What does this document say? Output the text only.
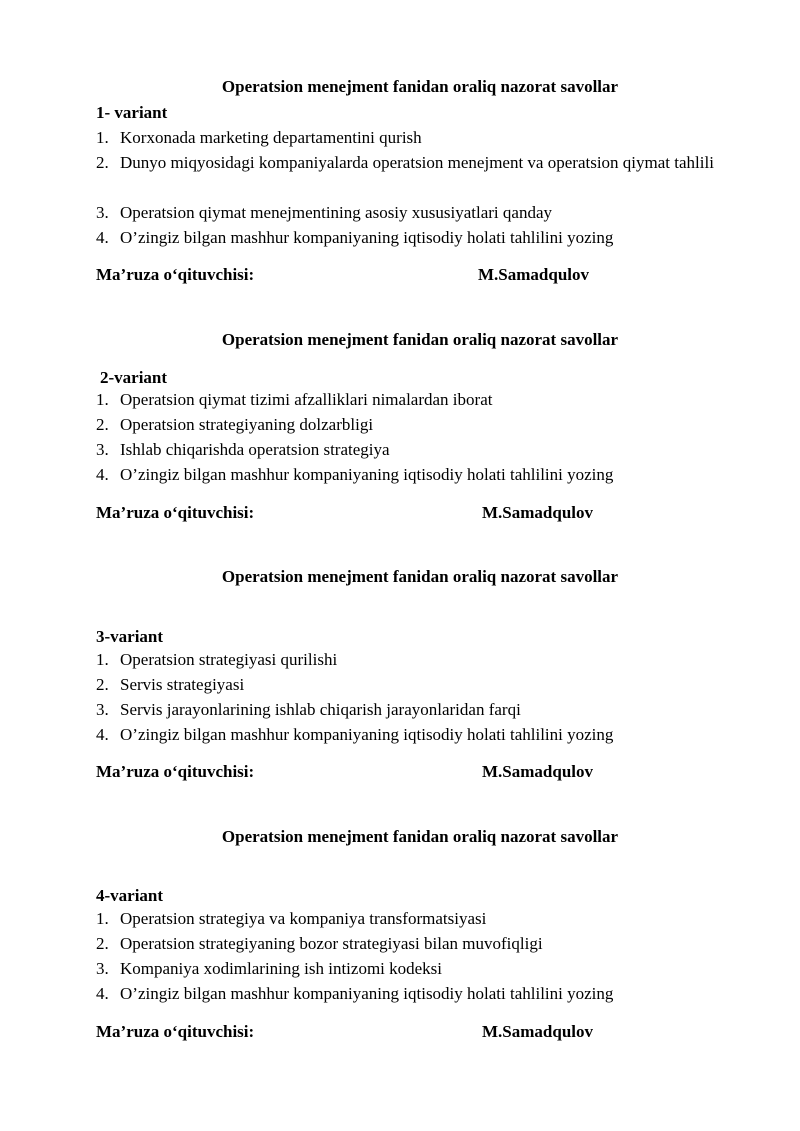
Operatsion menejment fanidan oraliq nazorat savollar
1- variant
1. Korxonada marketing departamentini qurish
2. Dunyo miqyosidagi kompaniyalarda operatsion menejment va operatsion qiymat tahlili
3. Operatsion qiymat menejmentining asosiy xususiyatlari qanday
4. O’zingiz bilgan mashhur kompaniyaning iqtisodiy holati tahlilini yozing
Ma’ruza o‘qituvchisi:	M.Samadqulov
Operatsion menejment fanidan oraliq nazorat savollar
2-variant
1. Operatsion qiymat tizimi afzalliklari nimalardan iborat
2. Operatsion strategiyaning dolzarbligi
3. Ishlab chiqarishda operatsion strategiya
4. O’zingiz bilgan mashhur kompaniyaning iqtisodiy holati tahlilini yozing
Ma’ruza o‘qituvchisi:	M.Samadqulov
Operatsion menejment fanidan oraliq nazorat savollar
3-variant
1. Operatsion strategiyasi qurilishi
2. Servis strategiyasi
3. Servis jarayonlarining ishlab chiqarish jarayonlaridan farqi
4. O’zingiz bilgan mashhur kompaniyaning iqtisodiy holati tahlilini yozing
Ma’ruza o‘qituvchisi:	M.Samadqulov
Operatsion menejment fanidan oraliq nazorat savollar
4-variant
1. Operatsion strategiya va kompaniya transformatsiyasi
2. Operatsion strategiyaning bozor strategiyasi bilan muvofiqligi
3. Kompaniya xodimlarining ish intizomi kodeksi
4. O’zingiz bilgan mashhur kompaniyaning iqtisodiy holati tahlilini yozing
Ma’ruza o‘qituvchisi:	M.Samadqulov
